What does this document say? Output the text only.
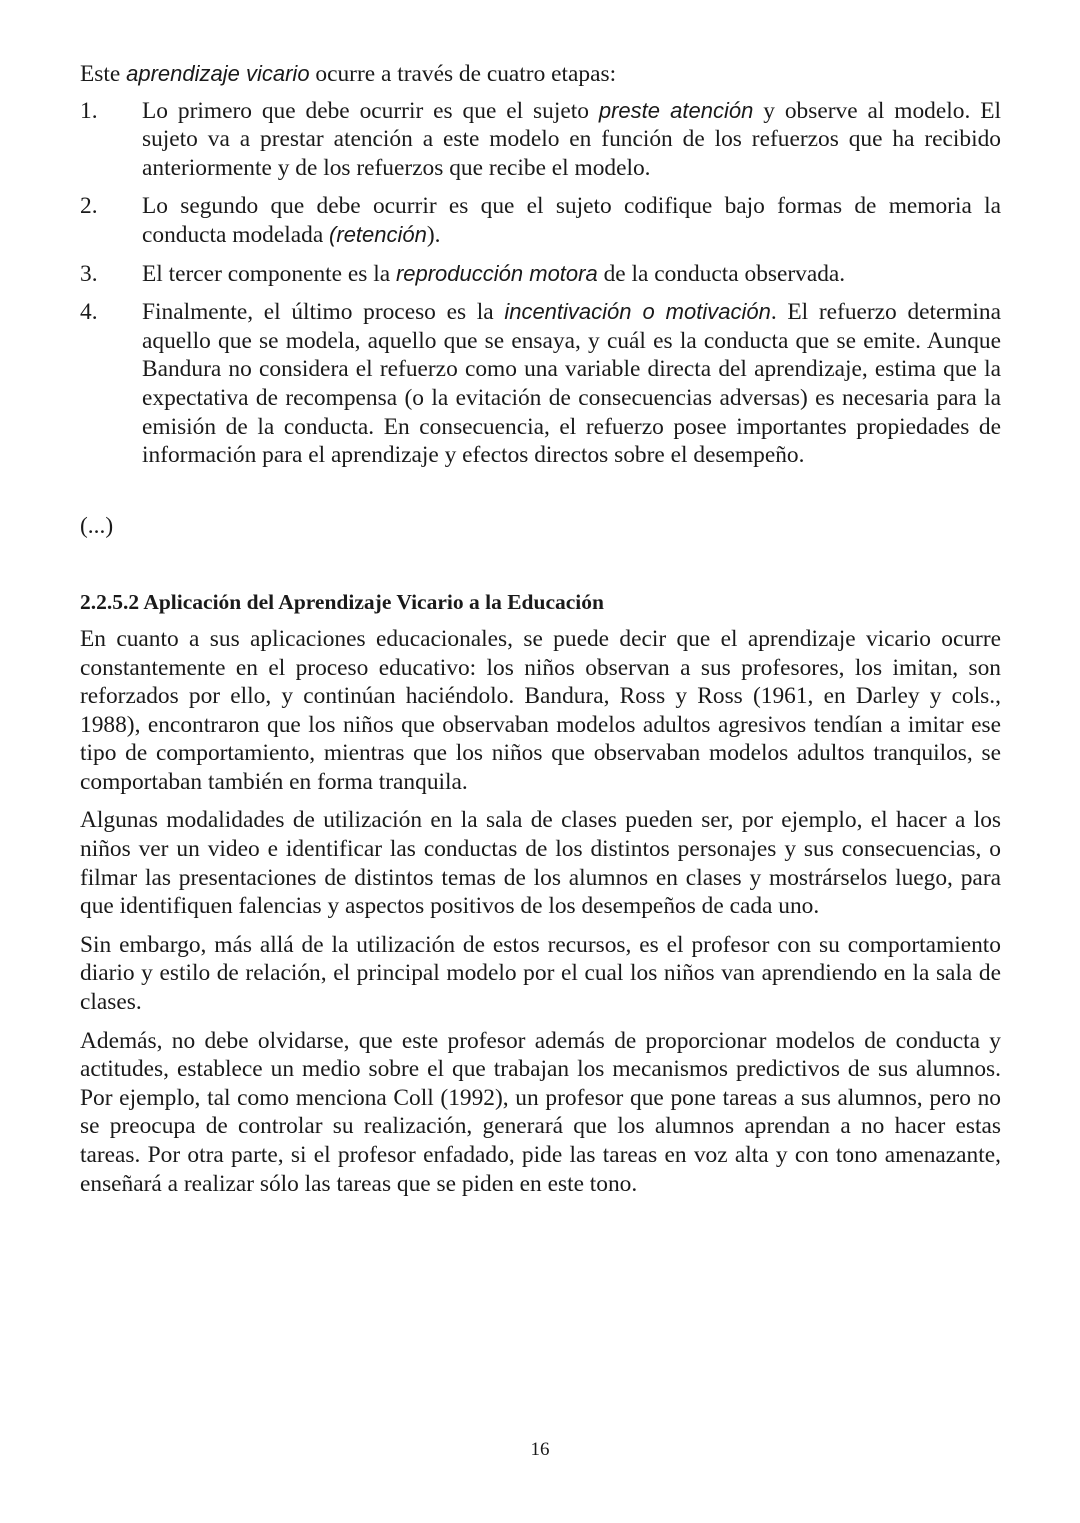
Este aprendizaje vicario ocurre a través de cuatro etapas:

1. Lo primero que debe ocurrir es que el sujeto preste atención y observe al modelo. El sujeto va a prestar atención a este modelo en función de los refuerzos que ha recibido anteriormente y de los refuerzos que recibe el modelo.
2. Lo segundo que debe ocurrir es que el sujeto codifique bajo formas de memoria la conducta modelada (retención).
3. El tercer componente es la reproducción motora de la conducta observada.
4. Finalmente, el último proceso es la incentivación o motivación. El refuerzo determina aquello que se modela, aquello que se ensaya, y cuál es la conducta que se emite. Aunque Bandura no considera el refuerzo como una variable directa del aprendizaje, estima que la expectativa de recompensa (o la evitación de consecuencias adversas) es necesaria para la emisión de la conducta. En consecuencia, el refuerzo posee importantes propiedades de información para el aprendizaje y efectos directos sobre el desempeño.

(...)

2.2.5.2 Aplicación del Aprendizaje Vicario a la Educación

En cuanto a sus aplicaciones educacionales, se puede decir que el aprendizaje vicario ocurre constantemente en el proceso educativo: los niños observan a sus profesores, los imitan, son reforzados por ello, y continúan haciéndolo. Bandura, Ross y Ross (1961, en Darley y cols., 1988), encontraron que los niños que observaban modelos adultos agresivos tendían a imitar ese tipo de comportamiento, mientras que los niños que observaban modelos adultos tranquilos, se comportaban también en forma tranquila.

Algunas modalidades de utilización en la sala de clases pueden ser, por ejemplo, el hacer a los niños ver un video e identificar las conductas de los distintos personajes y sus consecuencias, o filmar las presentaciones de distintos temas de los alumnos en clases y mostrárselos luego, para que identifiquen falencias y aspectos positivos de los desempeños de cada uno.

Sin embargo, más allá de la utilización de estos recursos, es el profesor con su comportamiento diario y estilo de relación, el principal modelo por el cual los niños van aprendiendo en la sala de clases.

Además, no debe olvidarse, que este profesor además de proporcionar modelos de conducta y actitudes, establece un medio sobre el que trabajan los mecanismos predictivos de sus alumnos. Por ejemplo, tal como menciona Coll (1992), un profesor que pone tareas a sus alumnos, pero no se preocupa de controlar su realización, generará que los alumnos aprendan a no hacer estas tareas. Por otra parte, si el profesor enfadado, pide las tareas en voz alta y con tono amenazante, enseñará a realizar sólo las tareas que se piden en este tono.

16
